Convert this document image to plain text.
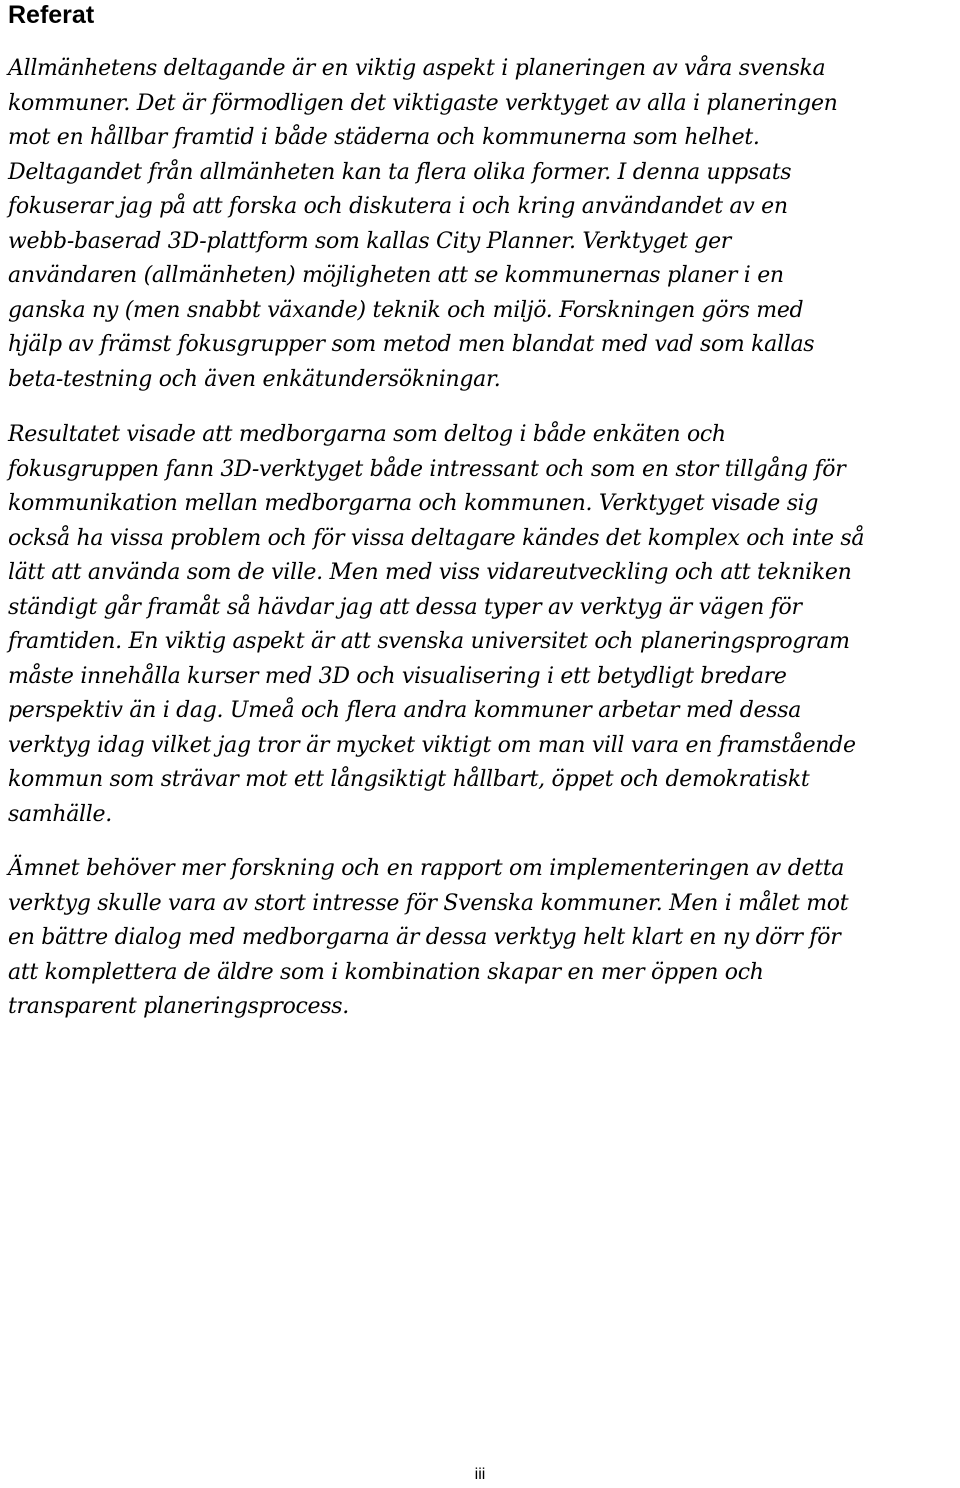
Referat

Allmänhetens deltagande är en viktig aspekt i planeringen av våra svenska
kommuner. Det är förmodligen det viktigaste verktyget av alla i planeringen
mot en hållbar framtid i både städerna och kommunerna som helhet.
Deltagandet från allmänheten kan ta flera olika former. I denna uppsats
fokuserar jag på att forska och diskutera i och kring användandet av en
webb-baserad 3D-plattform som kallas City Planner. Verktyget ger
användaren (allmänheten) möjligheten att se kommunernas planer i en
ganska ny (men snabbt växande) teknik och miljö. Forskningen görs med
hjälp av främst fokusgrupper som metod men blandat med vad som kallas
beta-testning och även enkätundersökningar.

Resultatet visade att medborgarna som deltog i både enkäten och
fokusgruppen fann 3D-verktyget både intressant och som en stor tillgång för
kommunikation mellan medborgarna och kommunen. Verktyget visade sig
också ha vissa problem och för vissa deltagare kändes det komplex och inte så
lätt att använda som de ville. Men med viss vidareutveckling och att tekniken
ständigt går framåt så hävdar jag att dessa typer av verktyg är vägen för
framtiden. En viktig aspekt är att svenska universitet och planeringsprogram
måste innehålla kurser med 3D och visualisering i ett betydligt bredare
perspektiv än i dag. Umeå och flera andra kommuner arbetar med dessa
verktyg idag vilket jag tror är mycket viktigt om man vill vara en framstående
kommun som strävar mot ett långsiktigt hållbart, öppet och demokratiskt
samhälle.

Ämnet behöver mer forskning och en rapport om implementeringen av detta
verktyg skulle vara av stort intresse för Svenska kommuner. Men i målet mot
en bättre dialog med medborgarna är dessa verktyg helt klart en ny dörr för
att komplettera de äldre som i kombination skapar en mer öppen och
transparent planeringsprocess.

iii
